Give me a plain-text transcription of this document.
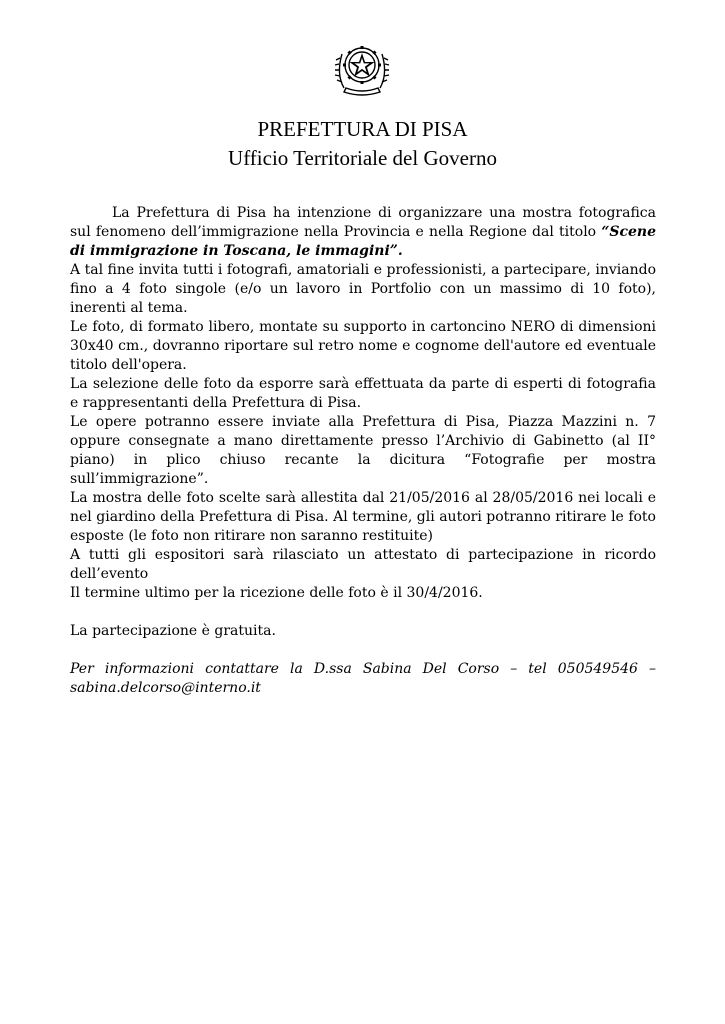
PREFETTURA DI PISA
Ufficio Territoriale del Governo

La Prefettura di Pisa ha intenzione di organizzare una mostra fotografica sul fenomeno dell’immigrazione nella Provincia e nella Regione dal titolo “Scene di immigrazione in Toscana, le immagini”.

A tal fine invita tutti i fotografi, amatoriali e professionisti, a partecipare, inviando fino a 4 foto singole (e/o un lavoro in Portfolio con un massimo di 10 foto), inerenti al tema.

Le foto, di formato libero, montate su supporto in cartoncino NERO di dimensioni 30x40 cm., dovranno riportare sul retro nome e cognome dell'autore ed eventuale titolo dell'opera.

La selezione delle foto da esporre sarà effettuata da parte di esperti di fotografia e rappresentanti della Prefettura di Pisa.

Le opere potranno essere inviate alla Prefettura di Pisa, Piazza Mazzini n. 7 oppure consegnate a mano direttamente presso l’Archivio di Gabinetto (al II° piano) in plico chiuso recante la dicitura “Fotografie per mostra sull’immigrazione”.

La mostra delle foto scelte sarà allestita dal 21/05/2016 al 28/05/2016 nei locali e nel giardino della Prefettura di Pisa. Al termine, gli autori potranno ritirare le foto esposte (le foto non ritirare non saranno restituite)

A tutti gli espositori sarà rilasciato un attestato di partecipazione in ricordo dell’evento

Il termine ultimo per la ricezione delle foto è il 30/4/2016.

La partecipazione è gratuita.

Per informazioni contattare la D.ssa Sabina Del Corso – tel 050549546 – sabina.delcorso@interno.it
